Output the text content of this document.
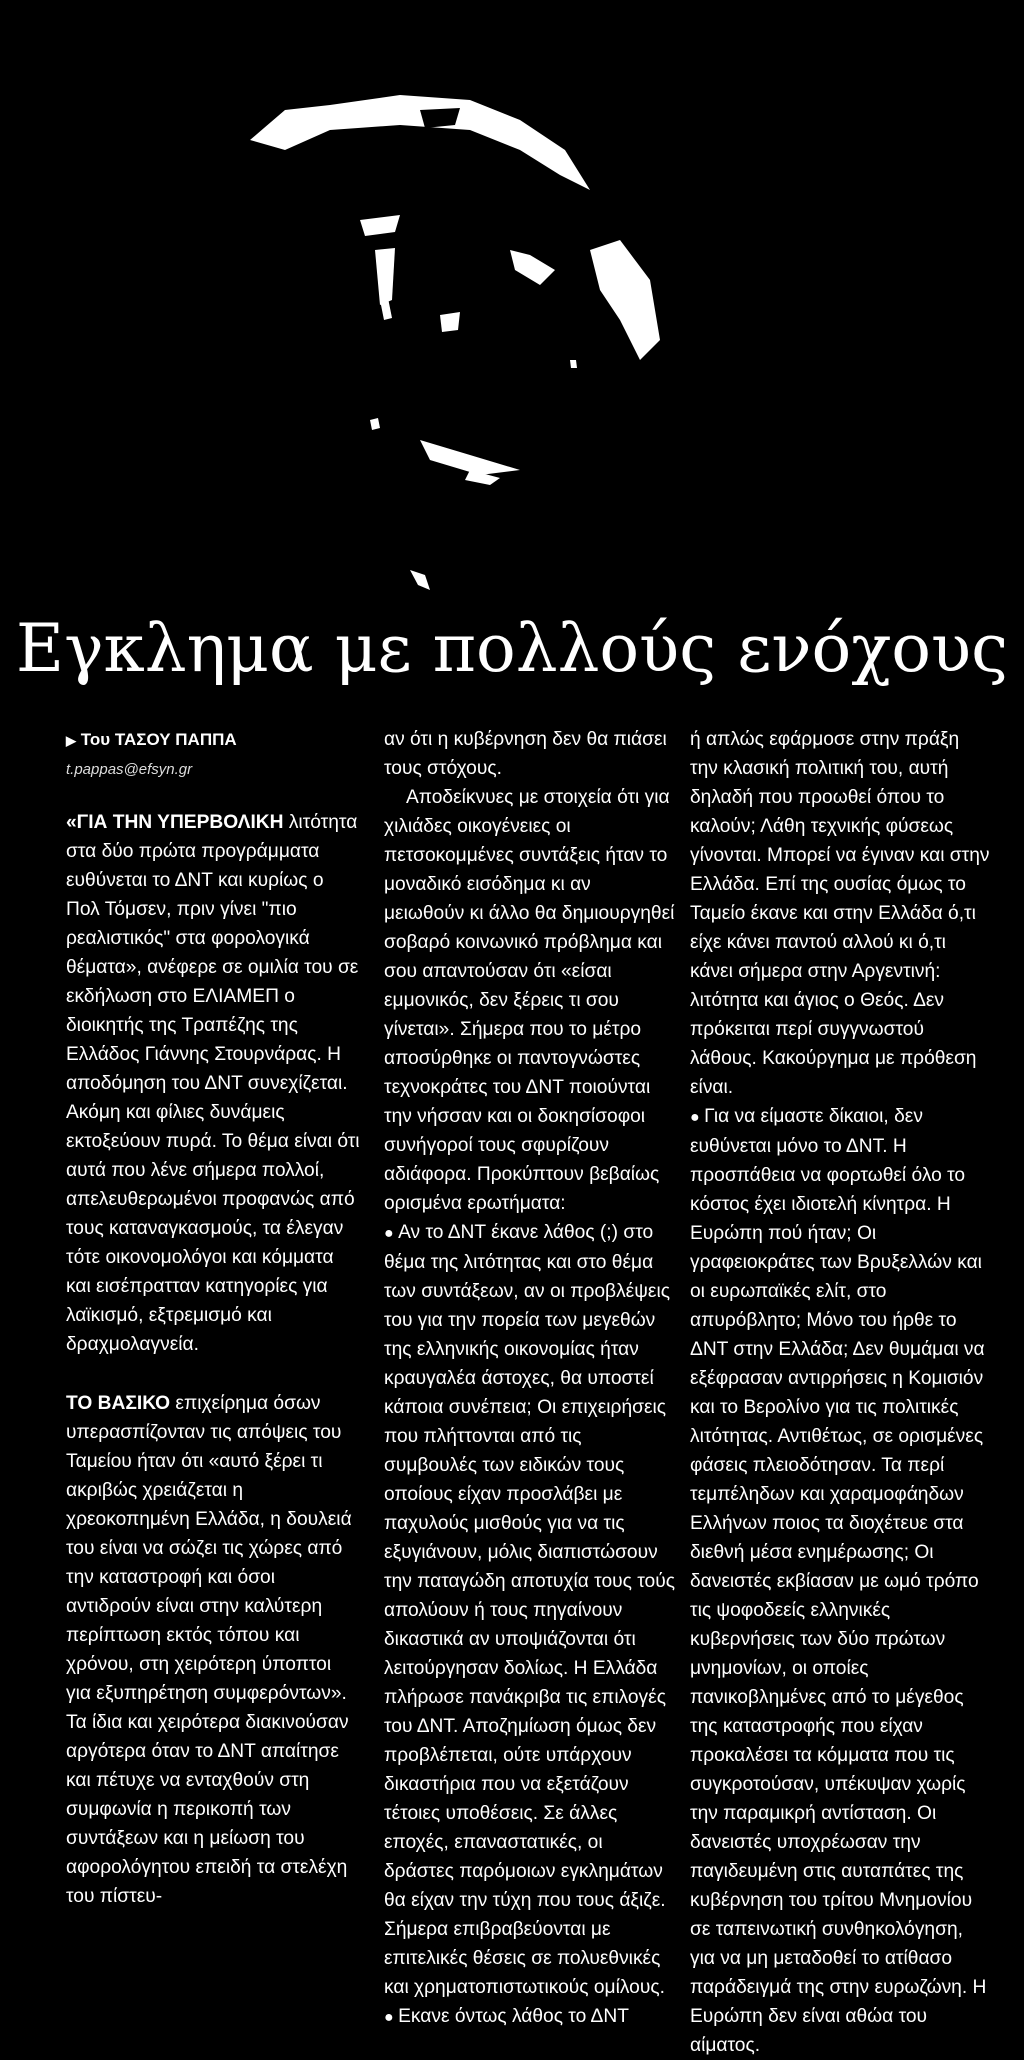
Εγκλημα με πολλούς ενόχους

▶ Του ΤΑΣΟΥ ΠΑΠΠΑ

t.pappas@efsyn.gr

«ΓΙΑ ΤΗΝ ΥΠΕΡΒΟΛΙΚΗ λιτότητα στα δύο πρώτα προγράμματα ευθύνεται το ΔΝΤ και κυρίως ο Πολ Τόμσεν, πριν γίνει "πιο ρεαλιστικός" στα φορολογικά θέματα», ανέφερε σε ομιλία του σε εκδήλωση στο ΕΛΙΑΜΕΠ ο διοικητής της Τραπέζης της Ελλάδος Γιάννης Στουρνάρας. Η αποδόμηση του ΔΝΤ συνεχίζεται. Ακόμη και φίλιες δυνάμεις εκτοξεύουν πυρά. Το θέμα είναι ότι αυτά που λένε σήμερα πολλοί, απελευθερωμένοι προφανώς από τους καταναγκασμούς, τα έλεγαν τότε οικονομολόγοι και κόμματα και εισέπρατταν κατηγορίες για λαϊκισμό, εξτρεμισμό και δραχμολαγνεία.

ΤΟ ΒΑΣΙΚΟ επιχείρημα όσων υπερασπίζονταν τις απόψεις του Ταμείου ήταν ότι «αυτό ξέρει τι ακριβώς χρειάζεται η χρεοκοπημένη Ελλάδα, η δουλειά του είναι να σώζει τις χώρες από την καταστροφή και όσοι αντιδρούν είναι στην καλύτερη περίπτωση εκτός τόπου και χρόνου, στη χειρότερη ύποπτοι για εξυπηρέτηση συμφερόντων». Τα ίδια και χειρότερα διακινούσαν αργότερα όταν το ΔΝΤ απαίτησε και πέτυχε να ενταχθούν στη συμφωνία η περικοπή των συντάξεων και η μείωση του αφορολόγητου επειδή τα στελέχη του πίστευ-

αν ότι η κυβέρνηση δεν θα πιάσει τους στόχους.

Αποδείκνυες με στοιχεία ότι για χιλιάδες οικογένειες οι πετσοκομμένες συντάξεις ήταν το μοναδικό εισόδημα κι αν μειωθούν κι άλλο θα δημιουργηθεί σοβαρό κοινωνικό πρόβλημα και σου απαντούσαν ότι «είσαι εμμονικός, δεν ξέρεις τι σου γίνεται». Σήμερα που το μέτρο αποσύρθηκε οι παντογνώστες τεχνοκράτες του ΔΝΤ ποιούνται την νήσσαν και οι δοκησίσοφοι συνήγοροί τους σφυρίζουν αδιάφορα. Προκύπτουν βεβαίως ορισμένα ερωτήματα:

● Αν το ΔΝΤ έκανε λάθος (;) στο θέμα της λιτότητας και στο θέμα των συντάξεων, αν οι προβλέψεις του για την πορεία των μεγεθών της ελληνικής οικονομίας ήταν κραυγαλέα άστοχες, θα υποστεί κάποια συνέπεια; Οι επιχειρήσεις που πλήττονται από τις συμβουλές των ειδικών τους οποίους είχαν προσλάβει με παχυλούς μισθούς για να τις εξυγιάνουν, μόλις διαπιστώσουν την παταγώδη αποτυχία τους τούς απολύουν ή τους πηγαίνουν δικαστικά αν υποψιάζονται ότι λειτούργησαν δολίως. Η Ελλάδα πλήρωσε πανάκριβα τις επιλογές του ΔΝΤ. Αποζημίωση όμως δεν προβλέπεται, ούτε υπάρχουν δικαστήρια που να εξετάζουν τέτοιες υποθέσεις. Σε άλλες εποχές, επαναστατικές, οι δράστες παρόμοιων εγκλημάτων θα είχαν την τύχη που τους άξιζε. Σήμερα επιβραβεύονται με επιτελικές θέσεις σε πολυεθνικές και χρηματοπιστωτικούς ομίλους.

● Εκανε όντως λάθος το ΔΝΤ

ή απλώς εφάρμοσε στην πράξη την κλασική πολιτική του, αυτή δηλαδή που προωθεί όπου το καλούν; Λάθη τεχνικής φύσεως γίνονται. Μπορεί να έγιναν και στην Ελλάδα. Επί της ουσίας όμως το Ταμείο έκανε και στην Ελλάδα ό,τι είχε κάνει παντού αλλού κι ό,τι κάνει σήμερα στην Αργεντινή: λιτότητα και άγιος ο Θεός. Δεν πρόκειται περί συγγνωστού λάθους. Κακούργημα με πρόθεση είναι.

● Για να είμαστε δίκαιοι, δεν ευθύνεται μόνο το ΔΝΤ. Η προσπάθεια να φορτωθεί όλο το κόστος έχει ιδιοτελή κίνητρα. Η Ευρώπη πού ήταν; Οι γραφειοκράτες των Βρυξελλών και οι ευρωπαϊκές ελίτ, στο απυρόβλητο; Μόνο του ήρθε το ΔΝΤ στην Ελλάδα; Δεν θυμάμαι να εξέφρασαν αντιρρήσεις η Κομισιόν και το Βερολίνο για τις πολιτικές λιτότητας. Αντιθέτως, σε ορισμένες φάσεις πλειοδότησαν. Τα περί τεμπέληδων και χαραμοφάηδων Ελλήνων ποιος τα διοχέτευε στα διεθνή μέσα ενημέρωσης; Οι δανειστές εκβίασαν με ωμό τρόπο τις ψοφοδεείς ελληνικές κυβερνήσεις των δύο πρώτων μνημονίων, οι οποίες πανικοβλημένες από το μέγεθος της καταστροφής που είχαν προκαλέσει τα κόμματα που τις συγκροτούσαν, υπέκυψαν χωρίς την παραμικρή αντίσταση. Οι δανειστές υποχρέωσαν την παγιδευμένη στις αυταπάτες της κυβέρνηση του τρίτου Μνημονίου σε ταπεινωτική συνθηκολόγηση, για να μη μεταδοθεί το ατίθασο παράδειγμά της στην ευρωζώνη. Η Ευρώπη δεν είναι αθώα του αίματος.
